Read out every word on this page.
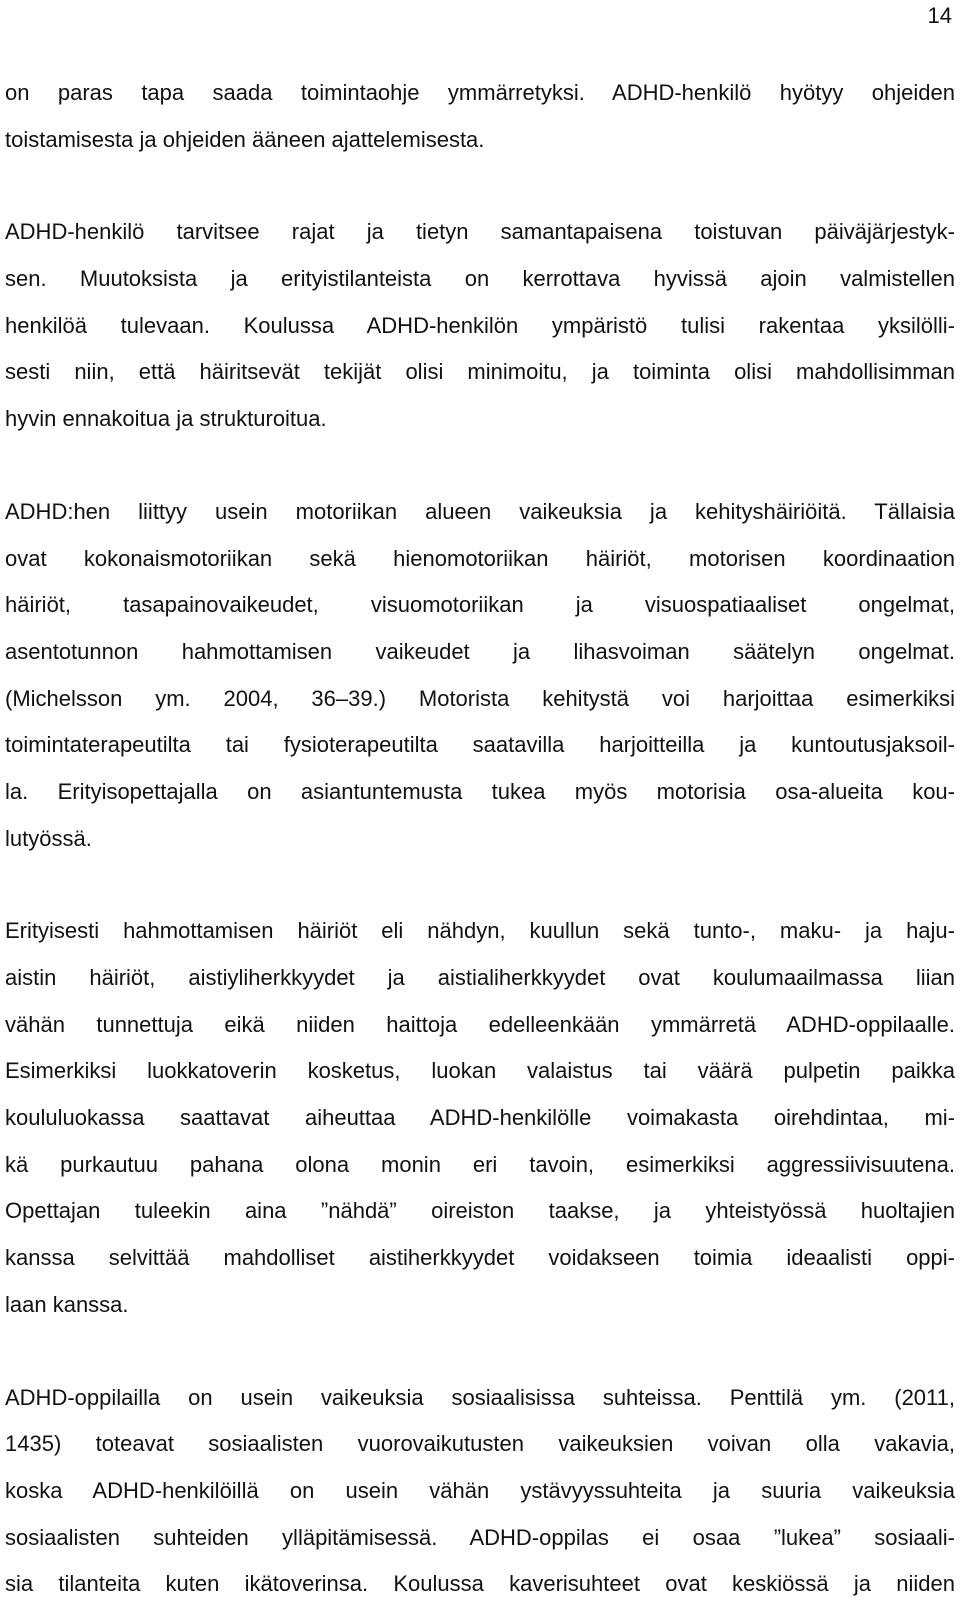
14
on paras tapa saada toimintaohje ymmärretyksi. ADHD-henkilö hyötyy ohjeiden
toistamisesta ja ohjeiden ääneen ajattelemisesta.
ADHD-henkilö tarvitsee rajat ja tietyn samantapaisena toistuvan päiväjärjestyk-
sen. Muutoksista ja erityistilanteista on kerrottava hyvissä ajoin valmistellen
henkilöä tulevaan. Koulussa ADHD-henkilön ympäristö tulisi rakentaa yksilölli-
sesti niin, että häiritsevät tekijät olisi minimoitu, ja toiminta olisi mahdollisimman
hyvin ennakoitua ja strukturoitua.
ADHD:hen liittyy usein motoriikan alueen vaikeuksia ja kehityshäiriöitä. Tällaisia
ovat kokonaismotoriikan sekä hienomotoriikan häiriöt, motorisen koordinaation
häiriöt, tasapainovaikeudet, visuomotoriikan ja visuospatiaaliset ongelmat,
asentotunnon hahmottamisen vaikeudet ja lihasvoiman säätelyn ongelmat.
(Michelsson ym. 2004, 36–39.) Motorista kehitystä voi harjoittaa esimerkiksi
toimintaterapeutilta tai fysioterapeutilta saatavilla harjoitteilla ja kuntoutusjaksoil-
la. Erityisopettajalla on asiantuntemusta tukea myös motorisia osa-alueita kou-
lutyössä.
Erityisesti hahmottamisen häiriöt eli nähdyn, kuullun sekä tunto-, maku- ja haju-
aistin häiriöt, aistiyliherkkyydet ja aistialiherkkyydet ovat koulumaailmassa liian
vähän tunnettuja eikä niiden haittoja edelleenkään ymmärretä ADHD-oppilaalle.
Esimerkiksi luokkatoverin kosketus, luokan valaistus tai väärä pulpetin paikka
koululuokassa saattavat aiheuttaa ADHD-henkilölle voimakasta oirehdintaa, mi-
kä purkautuu pahana olona monin eri tavoin, esimerkiksi aggressiivisuutena.
Opettajan tuleekin aina ”nähdä” oireiston taakse, ja yhteistyössä huoltajien
kanssa selvittää mahdolliset aistiherkkyydet voidakseen toimia ideaalisti oppi-
laan kanssa.
ADHD-oppilailla on usein vaikeuksia sosiaalisissa suhteissa. Penttilä ym. (2011,
1435) toteavat sosiaalisten vuorovaikutusten vaikeuksien voivan olla vakavia,
koska ADHD-henkilöillä on usein vähän ystävyyssuhteita ja suuria vaikeuksia
sosiaalisten suhteiden ylläpitämisessä. ADHD-oppilas ei osaa ”lukea” sosiaali-
sia tilanteita kuten ikätoverinsa. Koulussa kaverisuhteet ovat keskiössä ja niiden
